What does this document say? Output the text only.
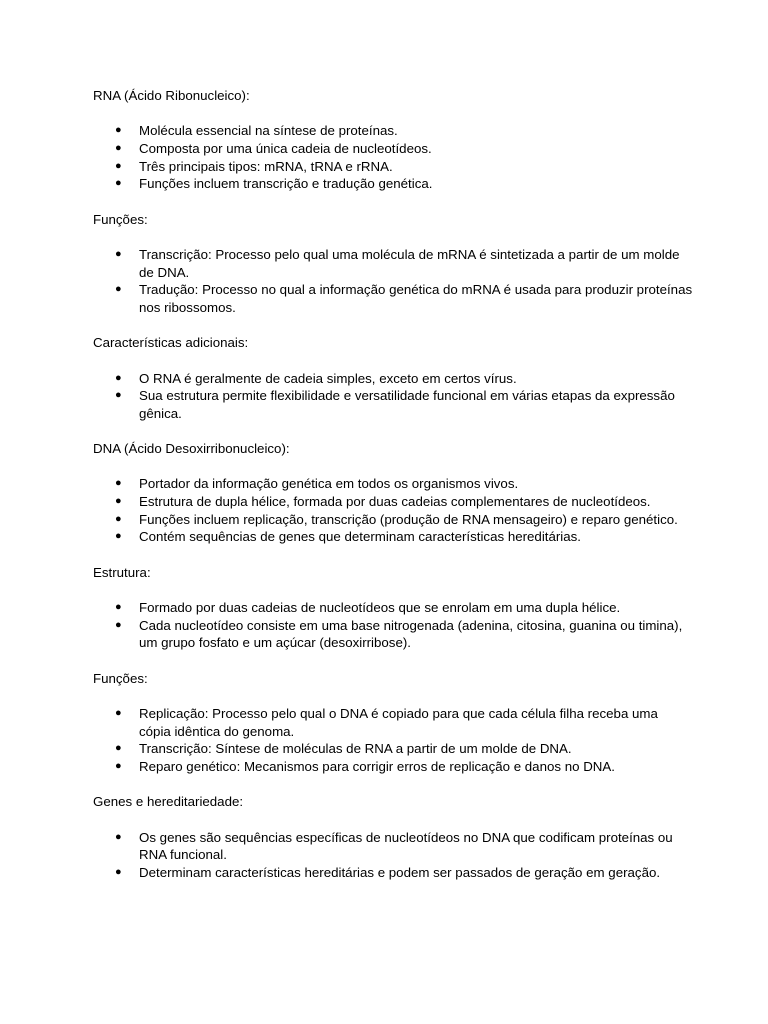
RNA (Ácido Ribonucleico):

● Molécula essencial na síntese de proteínas.
● Composta por uma única cadeia de nucleotídeos.
● Três principais tipos: mRNA, tRNA e rRNA.
● Funções incluem transcrição e tradução genética.

Funções:

● Transcrição: Processo pelo qual uma molécula de mRNA é sintetizada a partir de um molde de DNA.
● Tradução: Processo no qual a informação genética do mRNA é usada para produzir proteínas nos ribossomos.

Características adicionais:

● O RNA é geralmente de cadeia simples, exceto em certos vírus.
● Sua estrutura permite flexibilidade e versatilidade funcional em várias etapas da expressão gênica.

DNA (Ácido Desoxirribonucleico):

● Portador da informação genética em todos os organismos vivos.
● Estrutura de dupla hélice, formada por duas cadeias complementares de nucleotídeos.
● Funções incluem replicação, transcrição (produção de RNA mensageiro) e reparo genético.
● Contém sequências de genes que determinam características hereditárias.

Estrutura:

● Formado por duas cadeias de nucleotídeos que se enrolam em uma dupla hélice.
● Cada nucleotídeo consiste em uma base nitrogenada (adenina, citosina, guanina ou timina), um grupo fosfato e um açúcar (desoxirribose).

Funções:

● Replicação: Processo pelo qual o DNA é copiado para que cada célula filha receba uma cópia idêntica do genoma.
● Transcrição: Síntese de moléculas de RNA a partir de um molde de DNA.
● Reparo genético: Mecanismos para corrigir erros de replicação e danos no DNA.

Genes e hereditariedade:

● Os genes são sequências específicas de nucleotídeos no DNA que codificam proteínas ou RNA funcional.
● Determinam características hereditárias e podem ser passados de geração em geração.
